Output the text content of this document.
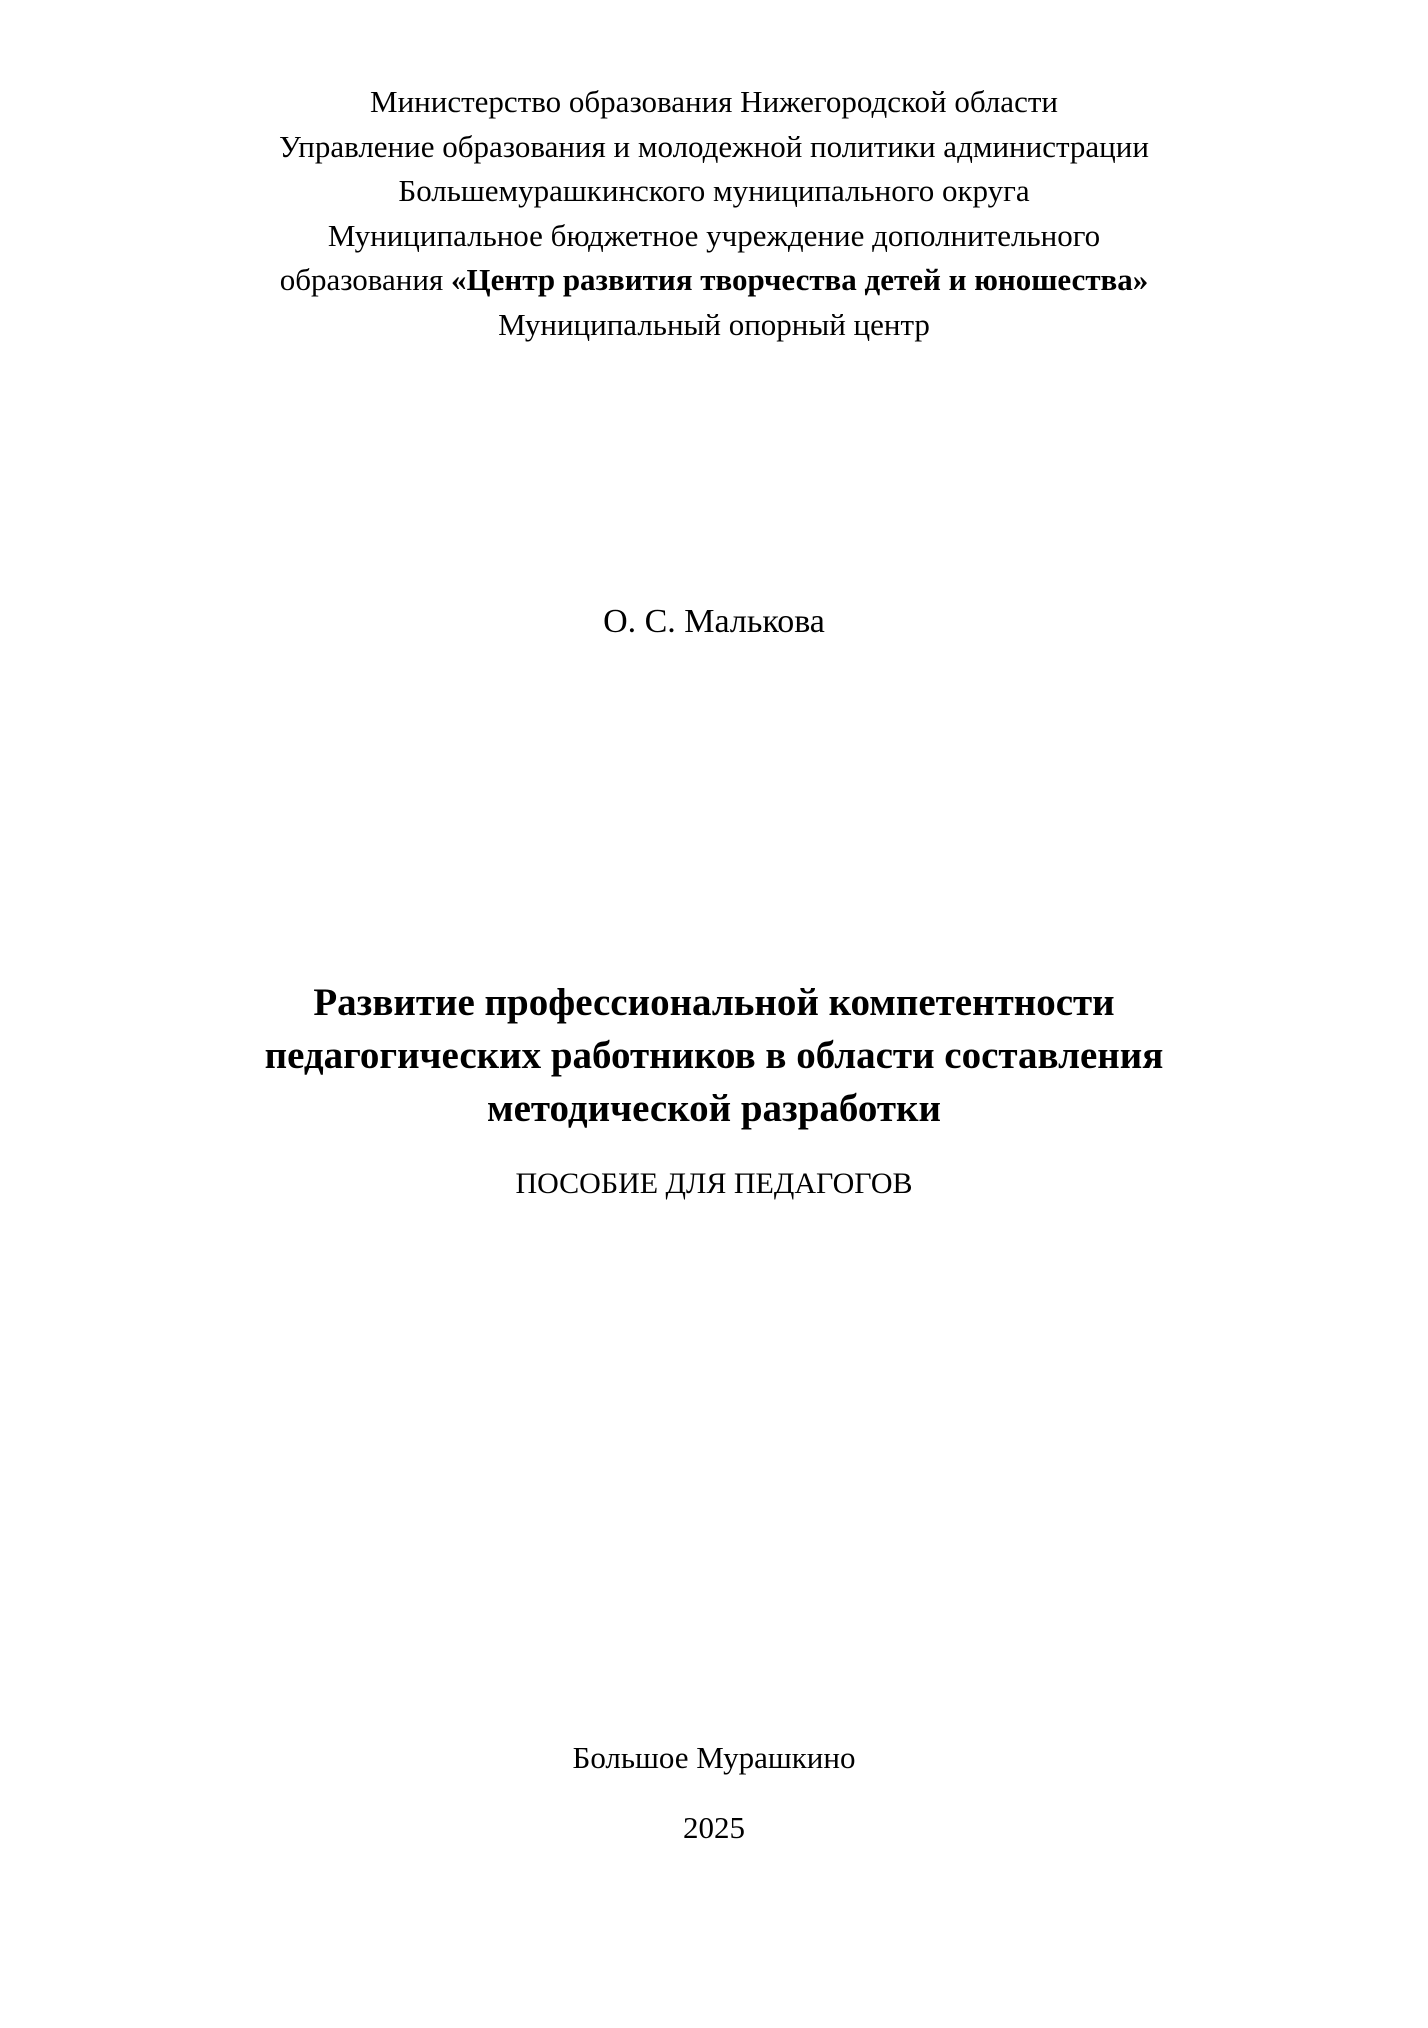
Министерство образования Нижегородской области
Управление образования и молодежной политики администрации
Большемурашкинского муниципального округа
Муниципальное бюджетное учреждение дополнительного
образования «Центр развития творчества детей и юношества»
Муниципальный опорный центр
О. С. Малькова
Развитие профессиональной компетентности
педагогических работников в области составления
методической разработки
ПОСОБИЕ ДЛЯ ПЕДАГОГОВ
Большое Мурашкино
2025
